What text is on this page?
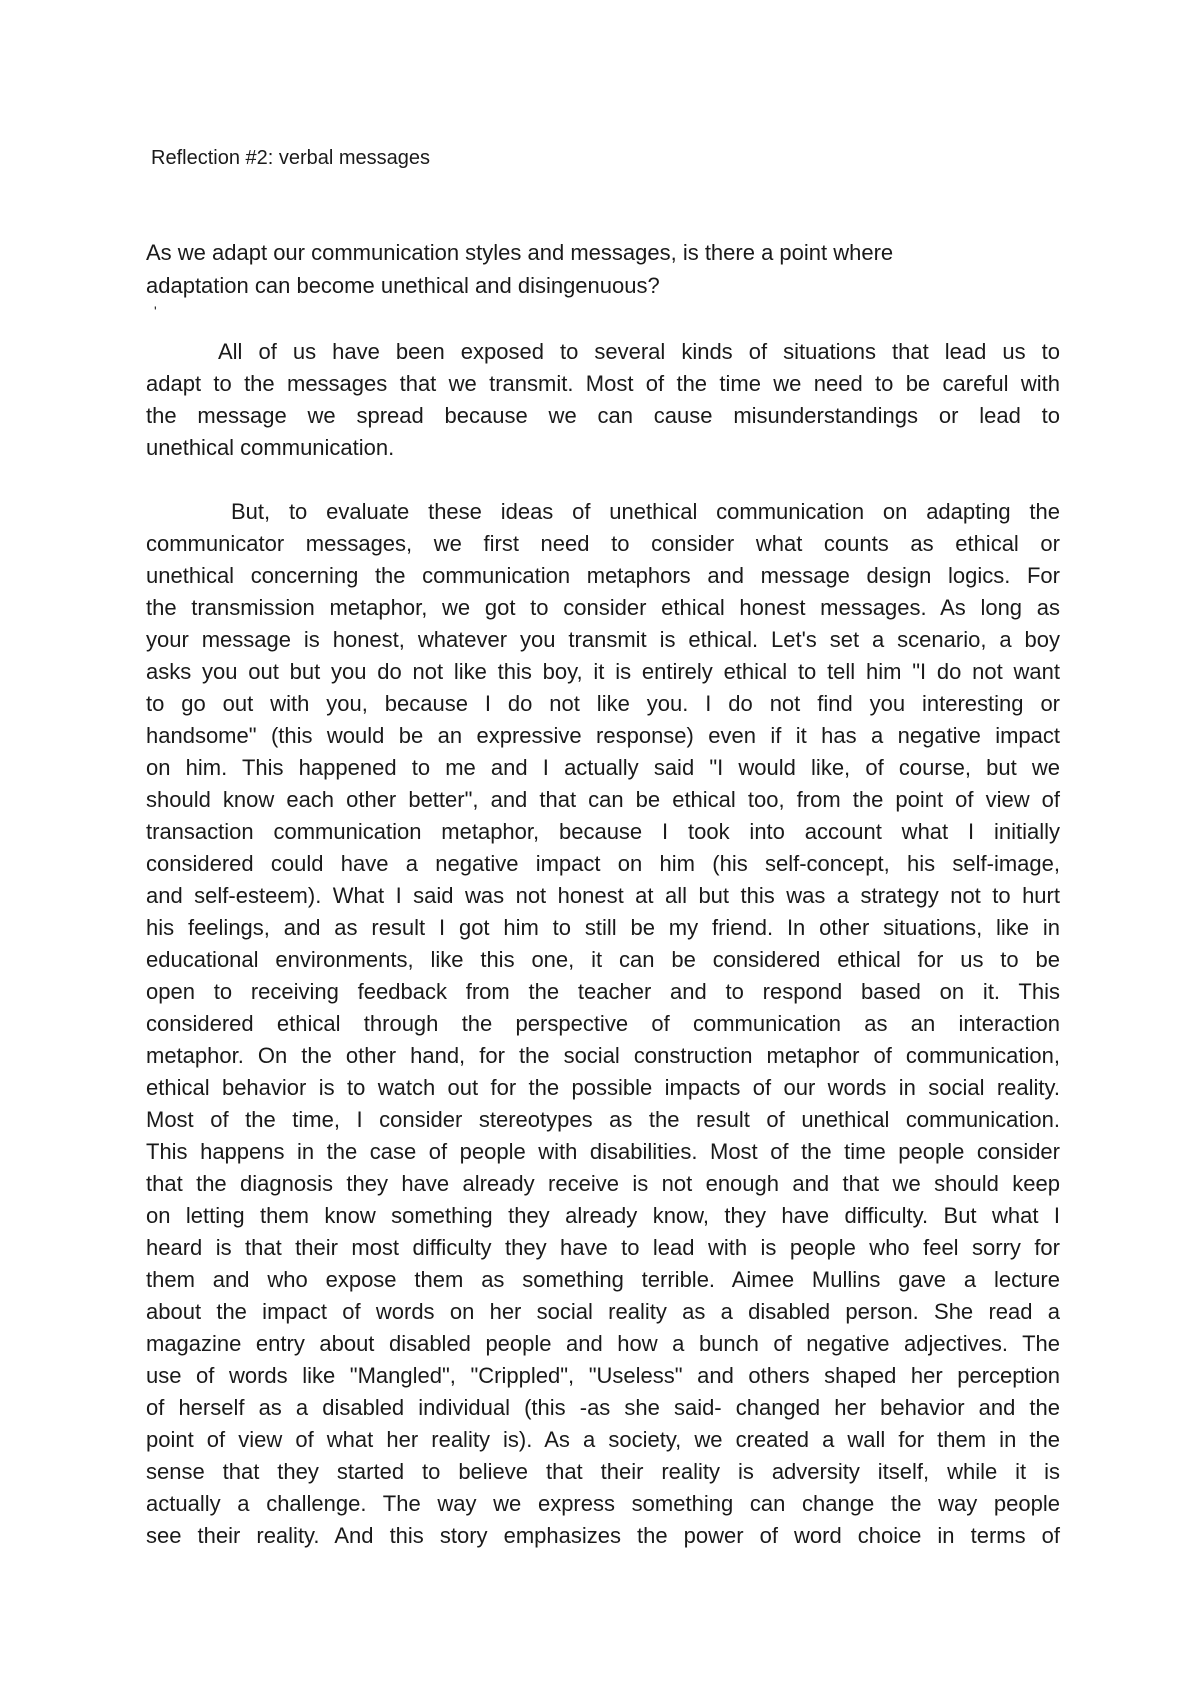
Reflection #2: verbal messages
As we adapt our communication styles and messages, is there a point where
adaptation can become unethical and disingenuous?
'
All of us have been exposed to several kinds of situations that lead us to
adapt to the messages that we transmit. Most of the time we need to be careful with
the message we spread because we can cause misunderstandings or lead to
unethical communication.
But, to evaluate these ideas of unethical communication on adapting the
communicator messages, we first need to consider what counts as ethical or
unethical concerning the communication metaphors and message design logics. For
the transmission metaphor, we got to consider ethical honest messages. As long as
your message is honest, whatever you transmit is ethical. Let's set a scenario, a boy
asks you out but you do not like this boy, it is entirely ethical to tell him "I do not want
to go out with you, because I do not like you. I do not find you interesting or
handsome" (this would be an expressive response) even if it has a negative impact
on him. This happened to me and I actually said "I would like, of course, but we
should know each other better", and that can be ethical too, from the point of view of
transaction communication metaphor, because I took into account what I initially
considered could have a negative impact on him (his self-concept, his self-image,
and self-esteem). What I said was not honest at all but this was a strategy not to hurt
his feelings, and as result I got him to still be my friend. In other situations, like in
educational environments, like this one, it can be considered ethical for us to be
open to receiving feedback from the teacher and to respond based on it. This
considered ethical through the perspective of communication as an interaction
metaphor. On the other hand, for the social construction metaphor of communication,
ethical behavior is to watch out for the possible impacts of our words in social reality.
Most of the time, I consider stereotypes as the result of unethical communication.
This happens in the case of people with disabilities. Most of the time people consider
that the diagnosis they have already receive is not enough and that we should keep
on letting them know something they already know, they have difficulty. But what I
heard is that their most difficulty they have to lead with is people who feel sorry for
them and who expose them as something terrible. Aimee Mullins gave a lecture
about the impact of words on her social reality as a disabled person. She read a
magazine entry about disabled people and how a bunch of negative adjectives. The
use of words like "Mangled", "Crippled", "Useless" and others shaped her perception
of herself as a disabled individual (this -as she said- changed her behavior and the
point of view of what her reality is). As a society, we created a wall for them in the
sense that they started to believe that their reality is adversity itself, while it is
actually a challenge. The way we express something can change the way people
see their reality. And this story emphasizes the power of word choice in terms of
